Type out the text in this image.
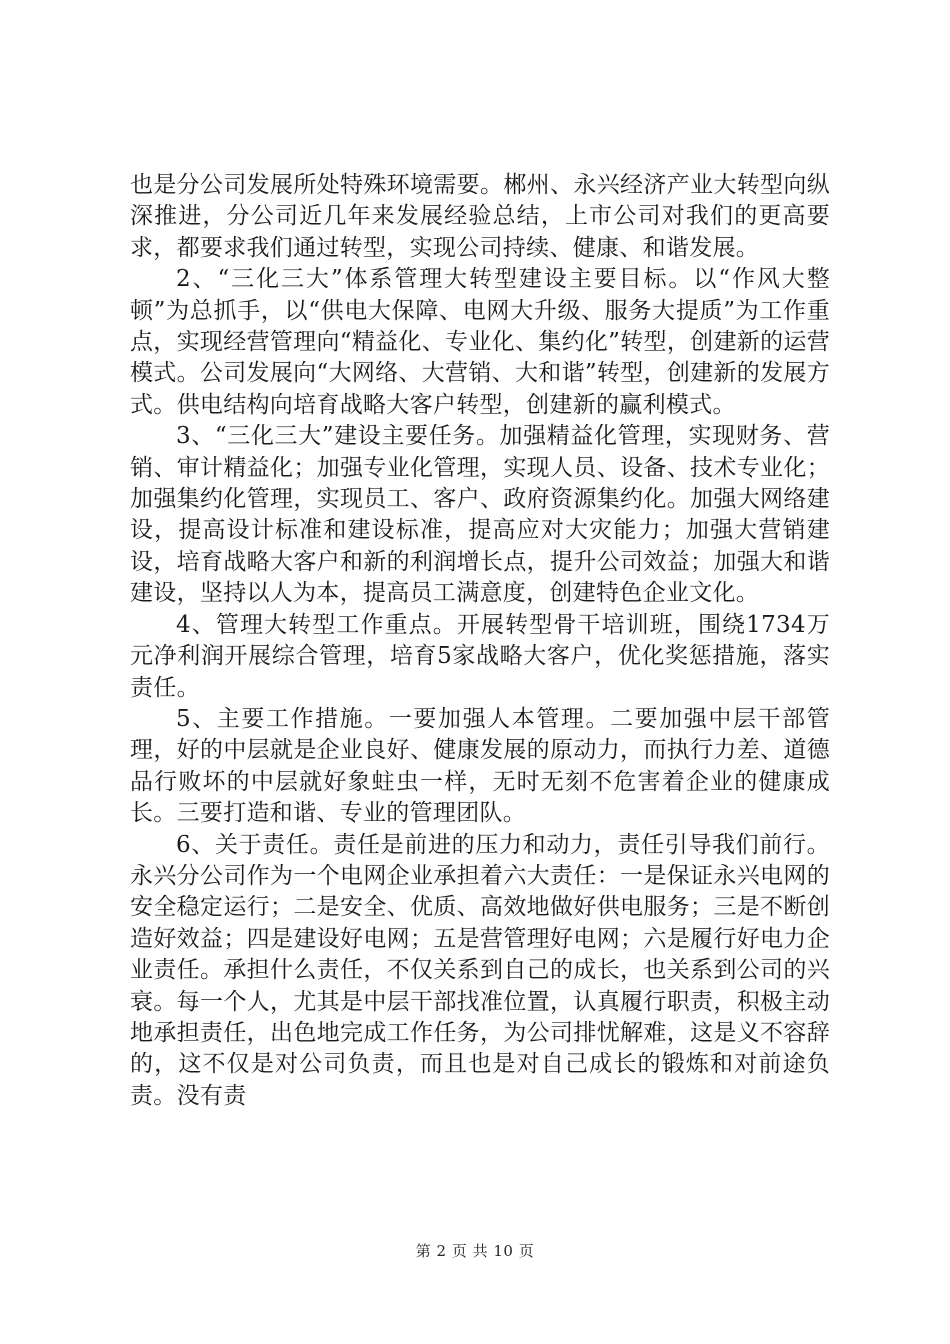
也是分公司发展所处特殊环境需要。郴州、永兴经济产业大转型向纵深推进，分公司近几年来发展经验总结，上市公司对我们的更高要求，都要求我们通过转型，实现公司持续、健康、和谐发展。

2、“三化三大”体系管理大转型建设主要目标。以“作风大整顿”为总抓手，以“供电大保障、电网大升级、服务大提质”为工作重点，实现经营管理向“精益化、专业化、集约化”转型，创建新的运营模式。公司发展向“大网络、大营销、大和谐”转型，创建新的发展方式。供电结构向培育战略大客户转型，创建新的赢利模式。

3、“三化三大”建设主要任务。加强精益化管理，实现财务、营销、审计精益化；加强专业化管理，实现人员、设备、技术专业化；加强集约化管理，实现员工、客户、政府资源集约化。加强大网络建设，提高设计标准和建设标准，提高应对大灾能力；加强大营销建设，培育战略大客户和新的利润增长点，提升公司效益；加强大和谐建设，坚持以人为本，提高员工满意度，创建特色企业文化。

4、管理大转型工作重点。开展转型骨干培训班，围绕1734万元净利润开展综合管理，培育5家战略大客户，优化奖惩措施，落实责任。

5、主要工作措施。一要加强人本管理。二要加强中层干部管理，好的中层就是企业良好、健康发展的原动力，而执行力差、道德品行败坏的中层就好象蛀虫一样，无时无刻不危害着企业的健康成长。三要打造和谐、专业的管理团队。

6、关于责任。责任是前进的压力和动力，责任引导我们前行。永兴分公司作为一个电网企业承担着六大责任：一是保证永兴电网的安全稳定运行；二是安全、优质、高效地做好供电服务；三是不断创造好效益；四是建设好电网；五是营管理好电网；六是履行好电力企业责任。承担什么责任，不仅关系到自己的成长，也关系到公司的兴衰。每一个人，尤其是中层干部找准位置，认真履行职责，积极主动地承担责任，出色地完成工作任务，为公司排忧解难，这是义不容辞的，这不仅是对公司负责，而且也是对自己成长的锻炼和对前途负责。没有责

第 2 页 共 10 页
